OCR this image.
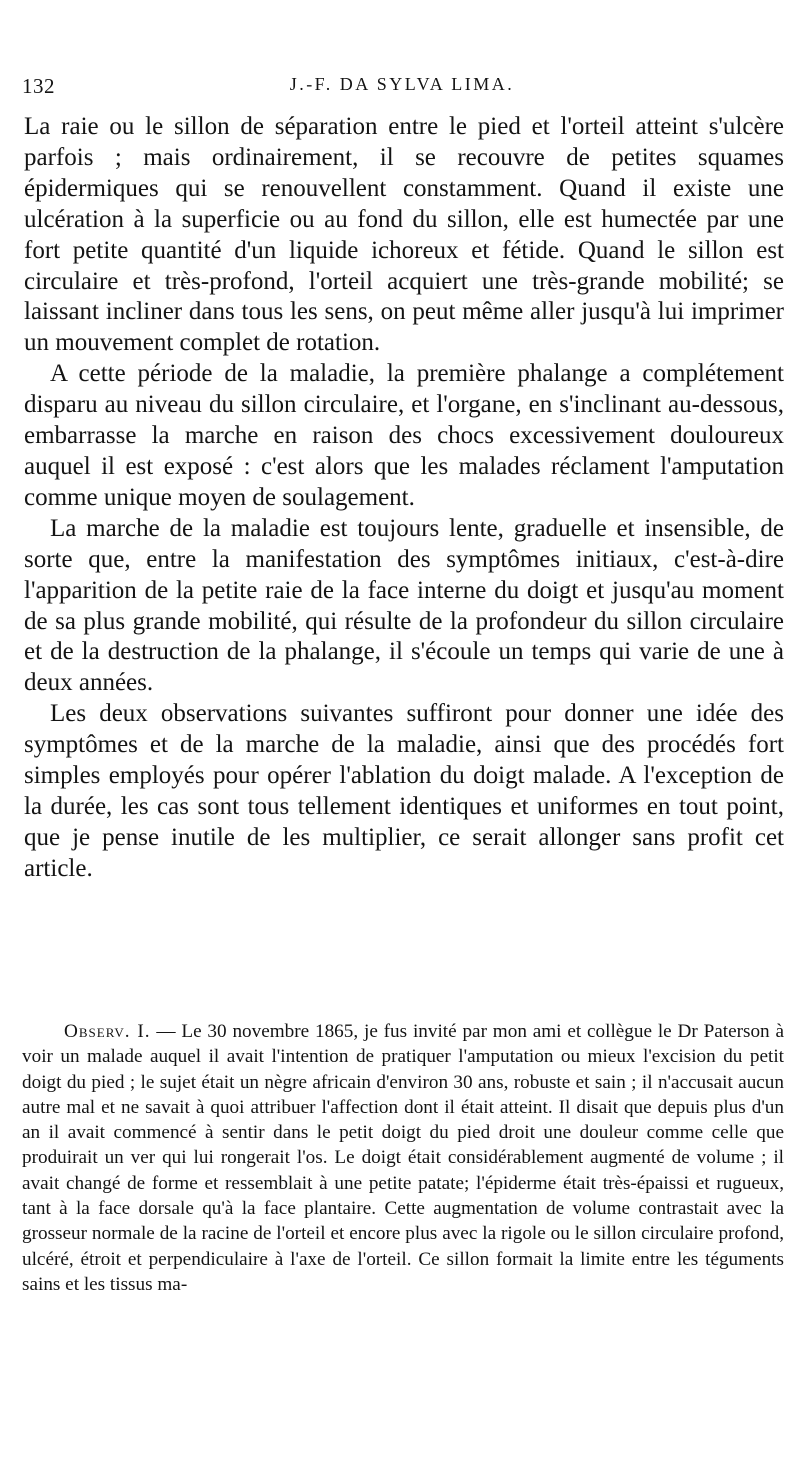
132	J.-F. DA SYLVA LIMA.

La raie ou le sillon de séparation entre le pied et l'orteil atteint s'ulcère parfois ; mais ordinairement, il se recouvre de petites squames épidermiques qui se renouvellent constamment. Quand il existe une ulcération à la superficie ou au fond du sillon, elle est humectée par une fort petite quantité d'un liquide ichoreux et fétide. Quand le sillon est circulaire et très-profond, l'orteil acquiert une très-grande mobilité; se laissant incliner dans tous les sens, on peut même aller jusqu'à lui imprimer un mouvement complet de rotation.

A cette période de la maladie, la première phalange a complétement disparu au niveau du sillon circulaire, et l'organe, en s'inclinant au-dessous, embarrasse la marche en raison des chocs excessivement douloureux auquel il est exposé : c'est alors que les malades réclament l'amputation comme unique moyen de soulagement.

La marche de la maladie est toujours lente, graduelle et insensible, de sorte que, entre la manifestation des symptômes initiaux, c'est-à-dire l'apparition de la petite raie de la face interne du doigt et jusqu'au moment de sa plus grande mobilité, qui résulte de la profondeur du sillon circulaire et de la destruction de la phalange, il s'écoule un temps qui varie de une à deux années.

Les deux observations suivantes suffiront pour donner une idée des symptômes et de la marche de la maladie, ainsi que des procédés fort simples employés pour opérer l'ablation du doigt malade. A l'exception de la durée, les cas sont tous tellement identiques et uniformes en tout point, que je pense inutile de les multiplier, ce serait allonger sans profit cet article.

Observ. I. — Le 30 novembre 1865, je fus invité par mon ami et collègue le Dr Paterson à voir un malade auquel il avait l'intention de pratiquer l'amputation ou mieux l'excision du petit doigt du pied ; le sujet était un nègre africain d'environ 30 ans, robuste et sain ; il n'accusait aucun autre mal et ne savait à quoi attribuer l'affection dont il était atteint. Il disait que depuis plus d'un an il avait commencé à sentir dans le petit doigt du pied droit une douleur comme celle que produirait un ver qui lui rongerait l'os. Le doigt était considérablement augmenté de volume ; il avait changé de forme et ressemblait à une petite patate; l'épiderme était très-épaissi et rugueux, tant à la face dorsale qu'à la face plantaire. Cette augmentation de volume contrastait avec la grosseur normale de la racine de l'orteil et encore plus avec la rigole ou le sillon circulaire profond, ulcéré, étroit et perpendiculaire à l'axe de l'orteil. Ce sillon formait la limite entre les téguments sains et les tissus ma-
